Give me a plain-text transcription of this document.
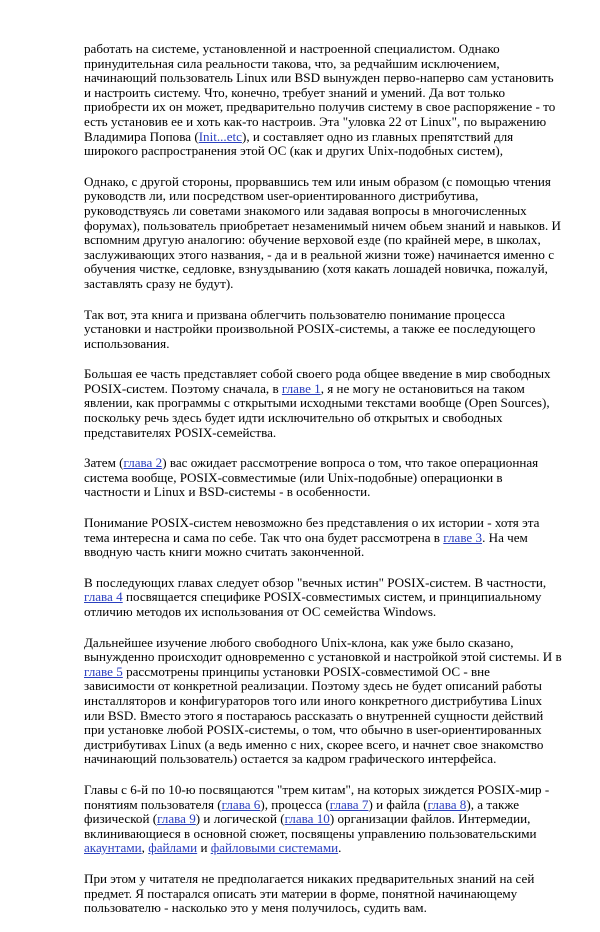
работать на системе, установленной и настроенной специалистом. Однако принудительная сила реальности такова, что, за редчайшим исключением, начинающий пользователь Linux или BSD вынужден перво-наперво сам установить и настроить систему. Что, конечно, требует знаний и умений. Да вот только приобрести их он может, предварительно получив систему в свое распоряжение - то есть установив ее и хоть как-то настроив. Эта "уловка 22 от Linux", по выражению Владимира Попова (Init...etc), и составляет одно из главных препятствий для широкого распространения этой ОС (как и других Unix-подобных систем),

Однако, с другой стороны, прорвавшись тем или иным образом (с помощью чтения руководств ли, или посредством user-ориентированного дистрибутива, руководствуясь ли советами знакомого или задавая вопросы в многочисленных форумах), пользователь приобретает незаменимый ничем обьем знаний и навыков. И вспомним другую аналогию: обучение верховой езде (по крайней мере, в школах, заслуживающих этого названия, - да и в реальной жизни тоже) начинается именно с обучения чистке, седловке, взнуздыванию (хотя какать лошадей новичка, пожалуй, заставлять сразу не будут).

Так вот, эта книга и призвана облегчить пользователю понимание процесса установки и настройки произвольной POSIX-системы, а также ее последующего использования.

Большая ее часть представляет собой своего рода общее введение в мир свободных POSIX-систем. Поэтому сначала, в главе 1, я не могу не остановиться на таком явлении, как программы с открытыми исходными текстами вообще (Open Sources), поскольку речь здесь будет идти исключительно об открытых и свободных представителях POSIX-семейства.

Затем (глава 2) вас ожидает рассмотрение вопроса о том, что такое операционная система вообще, POSIX-совместимые (или Unix-подобные) операционки в частности и Linux и BSD-системы - в особенности.

Понимание POSIX-систем невозможно без представления о их истории - хотя эта тема интересна и сама по себе. Так что она будет рассмотрена в главе 3. На чем вводную часть книги можно считать законченной.

В последующих главах следует обзор "вечных истин" POSIX-систем. В частности, глава 4 посвящается специфике POSIX-совместимых систем, и принципиальному отличию методов их использования от ОС семейства Windows.

Дальнейшее изучение любого свободного Unix-клона, как уже было сказано, вынужденно происходит одновременно с установкой и настройкой этой системы. И в главе 5 рассмотрены принципы установки POSIX-совместимой ОС - вне зависимости от конкретной реализации. Поэтому здесь не будет описаний работы инсталляторов и конфигураторов того или иного конкретного дистрибутива Linux или BSD. Вместо этого я постараюсь рассказать о внутренней сущности действий при установке любой POSIX-системы, о том, что обычно в user-ориентированных дистрибутивах Linux (а ведь именно с них, скорее всего, и начнет свое знакомство начинающий пользователь) остается за кадром графического интерфейса.

Главы с 6-й по 10-ю посвящаются "трем китам", на которых зиждется POSIX-мир - понятиям пользователя (глава 6), процесса (глава 7) и файла (глава 8), а также физической (глава 9) и логической (глава 10) организации файлов. Интермедии, вклинивающиеся в основной сюжет, посвящены управлению пользовательскими акаунтами, файлами и файловыми системами.

При этом у читателя не предполагается никаких предварительных знаний на сей предмет. Я постарался описать эти материи в форме, понятной начинающему пользователю - насколько это у меня получилось, судить вам.
